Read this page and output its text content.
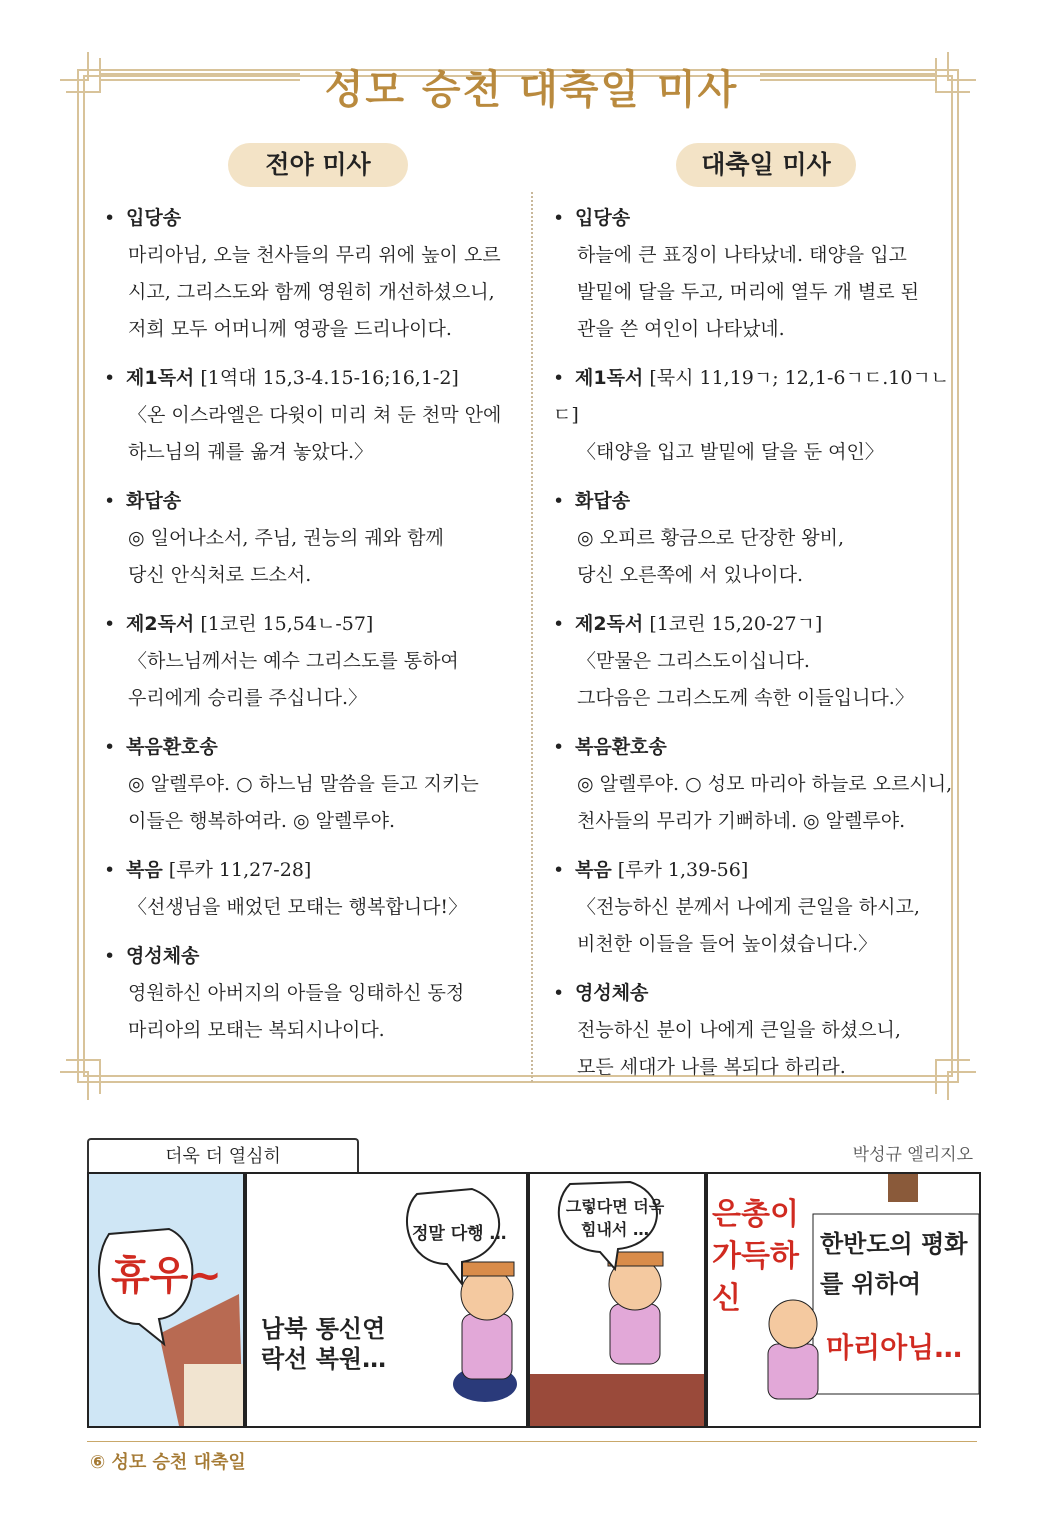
성모 승천 대축일 미사
전야 미사	대축일 미사
• 입당송
마리아님, 오늘 천사들의 무리 위에 높이 오르
시고, 그리스도와 함께 영원히 개선하셨으니,
저희 모두 어머니께 영광을 드리나이다.
• 제1독서 [1역대 15,3-4.15-16;16,1-2]
〈온 이스라엘은 다윗이 미리 쳐 둔 천막 안에
하느님의 궤를 옮겨 놓았다.〉
• 화답송
◎ 일어나소서, 주님, 권능의 궤와 함께
당신 안식처로 드소서.
• 제2독서 [1코린 15,54ㄴ-57]
〈하느님께서는 예수 그리스도를 통하여
우리에게 승리를 주십니다.〉
• 복음환호송
◎ 알렐루야. ○ 하느님 말씀을 듣고 지키는
이들은 행복하여라. ◎ 알렐루야.
• 복음 [루카 11,27-28]
〈선생님을 배었던 모태는 행복합니다!〉
• 영성체송
영원하신 아버지의 아들을 잉태하신 동정
마리아의 모태는 복되시나이다.
• 입당송
하늘에 큰 표징이 나타났네. 태양을 입고
발밑에 달을 두고, 머리에 열두 개 별로 된
관을 쓴 여인이 나타났네.
• 제1독서 [묵시 11,19ㄱ; 12,1-6ㄱㄷ.10ㄱㄴㄷ]
〈태양을 입고 발밑에 달을 둔 여인〉
• 화답송
◎ 오피르 황금으로 단장한 왕비,
당신 오른쪽에 서 있나이다.
• 제2독서 [1코린 15,20-27ㄱ]
〈맏물은 그리스도이십니다.
그다음은 그리스도께 속한 이들입니다.〉
• 복음환호송
◎ 알렐루야. ○ 성모 마리아 하늘로 오르시니,
천사들의 무리가 기뻐하네. ◎ 알렐루야.
• 복음 [루카 1,39-56]
〈전능하신 분께서 나에게 큰일을 하시고,
비천한 이들을 들어 높이셨습니다.〉
• 영성체송
전능하신 분이 나에게 큰일을 하셨으니,
모든 세대가 나를 복되다 하리라.
더욱 더 열심히	박성규 엘리지오
휴우~
남북 통신연락선 복원…
정말 다행 …
그렇다면 더욱 힘내서 …	은총이 가득하신
한반도의 평화를 위하여
마리아님…
⑥ 성모 승천 대축일
